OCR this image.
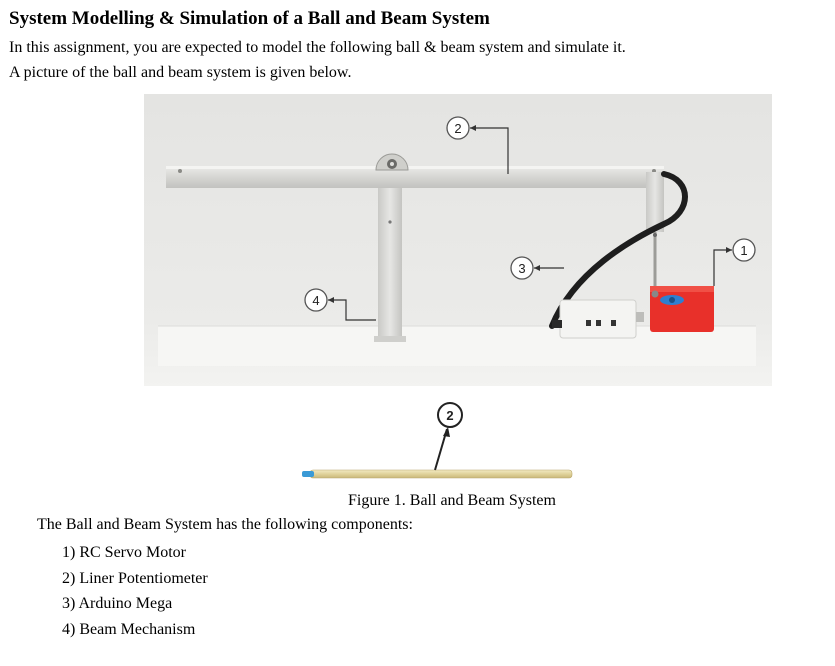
System Modelling & Simulation of a Ball and Beam System

In this assignment, you are expected to model the following ball & beam system and simulate it.

A picture of the ball and beam system is given below.

2
3
4
1
2

Figure 1. Ball and Beam System

The Ball and Beam System has the following components:

1) RC Servo Motor
2) Liner Potentiometer
3) Arduino Mega
4) Beam Mechanism
